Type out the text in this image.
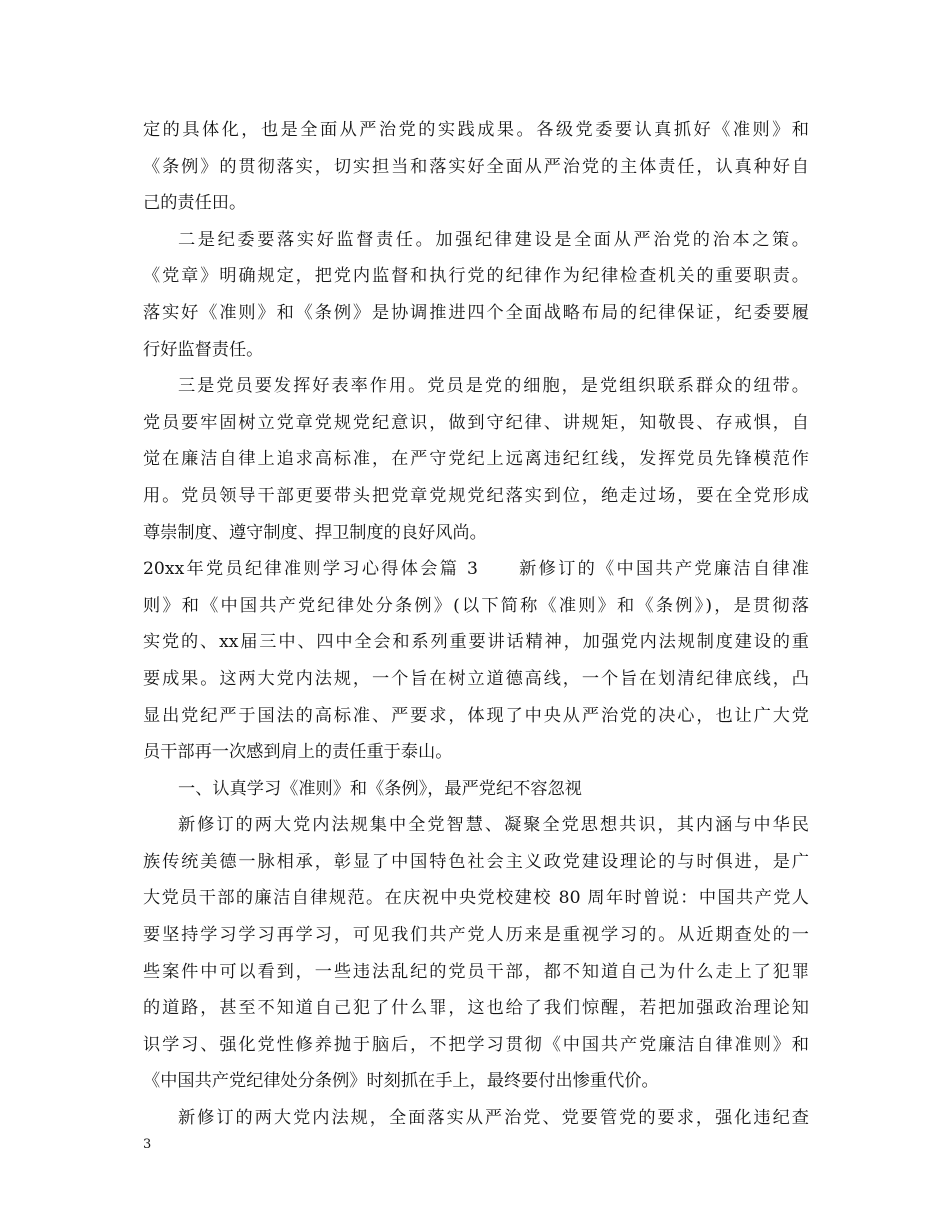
定的具体化，也是全面从严治党的实践成果。各级党委要认真抓好《准则》和
《条例》的贯彻落实，切实担当和落实好全面从严治党的主体责任，认真种好自
己的责任田。
二是纪委要落实好监督责任。加强纪律建设是全面从严治党的治本之策。
《党章》明确规定，把党内监督和执行党的纪律作为纪律检查机关的重要职责。
落实好《准则》和《条例》是协调推进四个全面战略布局的纪律保证，纪委要履
行好监督责任。
三是党员要发挥好表率作用。党员是党的细胞，是党组织联系群众的纽带。
党员要牢固树立党章党规党纪意识，做到守纪律、讲规矩，知敬畏、存戒惧，自
觉在廉洁自律上追求高标准，在严守党纪上远离违纪红线，发挥党员先锋模范作
用。党员领导干部更要带头把党章党规党纪落实到位，绝走过场，要在全党形成
尊崇制度、遵守制度、捍卫制度的良好风尚。
20xx年党员纪律准则学习心得体会篇 3　　新修订的《中国共产党廉洁自律准
则》和《中国共产党纪律处分条例》(以下简称《准则》和《条例》)，是贯彻落
实党的、xx届三中、四中全会和系列重要讲话精神，加强党内法规制度建设的重
要成果。这两大党内法规，一个旨在树立道德高线，一个旨在划清纪律底线，凸
显出党纪严于国法的高标准、严要求，体现了中央从严治党的决心，也让广大党
员干部再一次感到肩上的责任重于泰山。
一、认真学习《准则》和《条例》，最严党纪不容忽视
新修订的两大党内法规集中全党智慧、凝聚全党思想共识，其内涵与中华民
族传统美德一脉相承，彰显了中国特色社会主义政党建设理论的与时俱进，是广
大党员干部的廉洁自律规范。在庆祝中央党校建校 80 周年时曾说：中国共产党人
要坚持学习学习再学习，可见我们共产党人历来是重视学习的。从近期查处的一
些案件中可以看到，一些违法乱纪的党员干部，都不知道自己为什么走上了犯罪
的道路，甚至不知道自己犯了什么罪，这也给了我们惊醒，若把加强政治理论知
识学习、强化党性修养抛于脑后，不把学习贯彻《中国共产党廉洁自律准则》和
《中国共产党纪律处分条例》时刻抓在手上，最终要付出惨重代价。
新修订的两大党内法规，全面落实从严治党、党要管党的要求，强化违纪查
3
